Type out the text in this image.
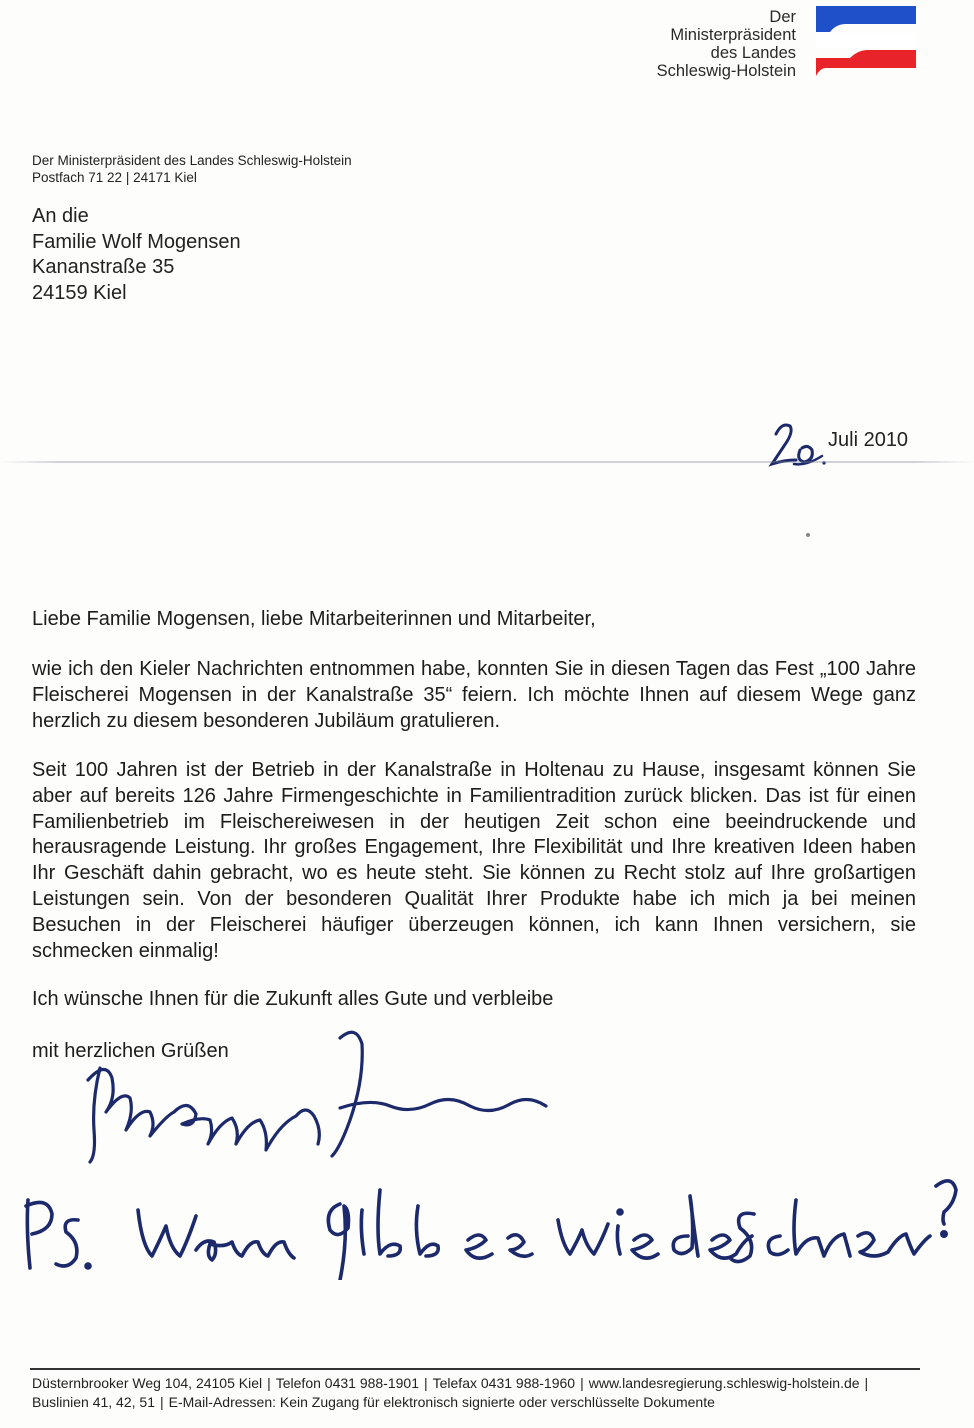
Der
Ministerpräsident
des Landes
Schleswig-Holstein
Der Ministerpräsident des Landes Schleswig-Holstein
Postfach 71 22 | 24171 Kiel
An die
Familie Wolf Mogensen
Kananstraße 35
24159 Kiel
Juli 2010

Liebe Familie Mogensen, liebe Mitarbeiterinnen und Mitarbeiter,

wie ich den Kieler Nachrichten entnommen habe, konnten Sie in diesen Tagen das Fest „100 Jahre Fleischerei Mogensen in der Kanalstraße 35“ feiern. Ich möchte Ihnen auf diesem Wege ganz herzlich zu diesem besonderen Jubiläum gratulieren.

Seit 100 Jahren ist der Betrieb in der Kanalstraße in Holtenau zu Hause, insgesamt können Sie aber auf bereits 126 Jahre Firmengeschichte in Familientradition zurück blicken. Das ist für einen Familienbetrieb im Fleischereiwesen in der heutigen Zeit schon eine beeindruckende und herausragende Leistung. Ihr großes Engagement, Ihre Flexibilität und Ihre kreativen Ideen haben Ihr Geschäft dahin gebracht, wo es heute steht. Sie können zu Recht stolz auf Ihre großartigen Leistungen sein. Von der besonderen Qualität Ihrer Produkte habe ich mich ja bei meinen Besuchen in der Fleischerei häufiger überzeugen können, ich kann Ihnen versichern, sie schmecken einmalig!

Ich wünsche Ihnen für die Zukunft alles Gute und verbleibe

mit herzlichen Grüßen

Düsternbrooker Weg 104, 24105 Kiel | Telefon 0431 988-1901 | Telefax 0431 988-1960 | www.landesregierung.schleswig-holstein.de |
Buslinien 41, 42, 51 | E-Mail-Adressen: Kein Zugang für elektronisch signierte oder verschlüsselte Dokumente
